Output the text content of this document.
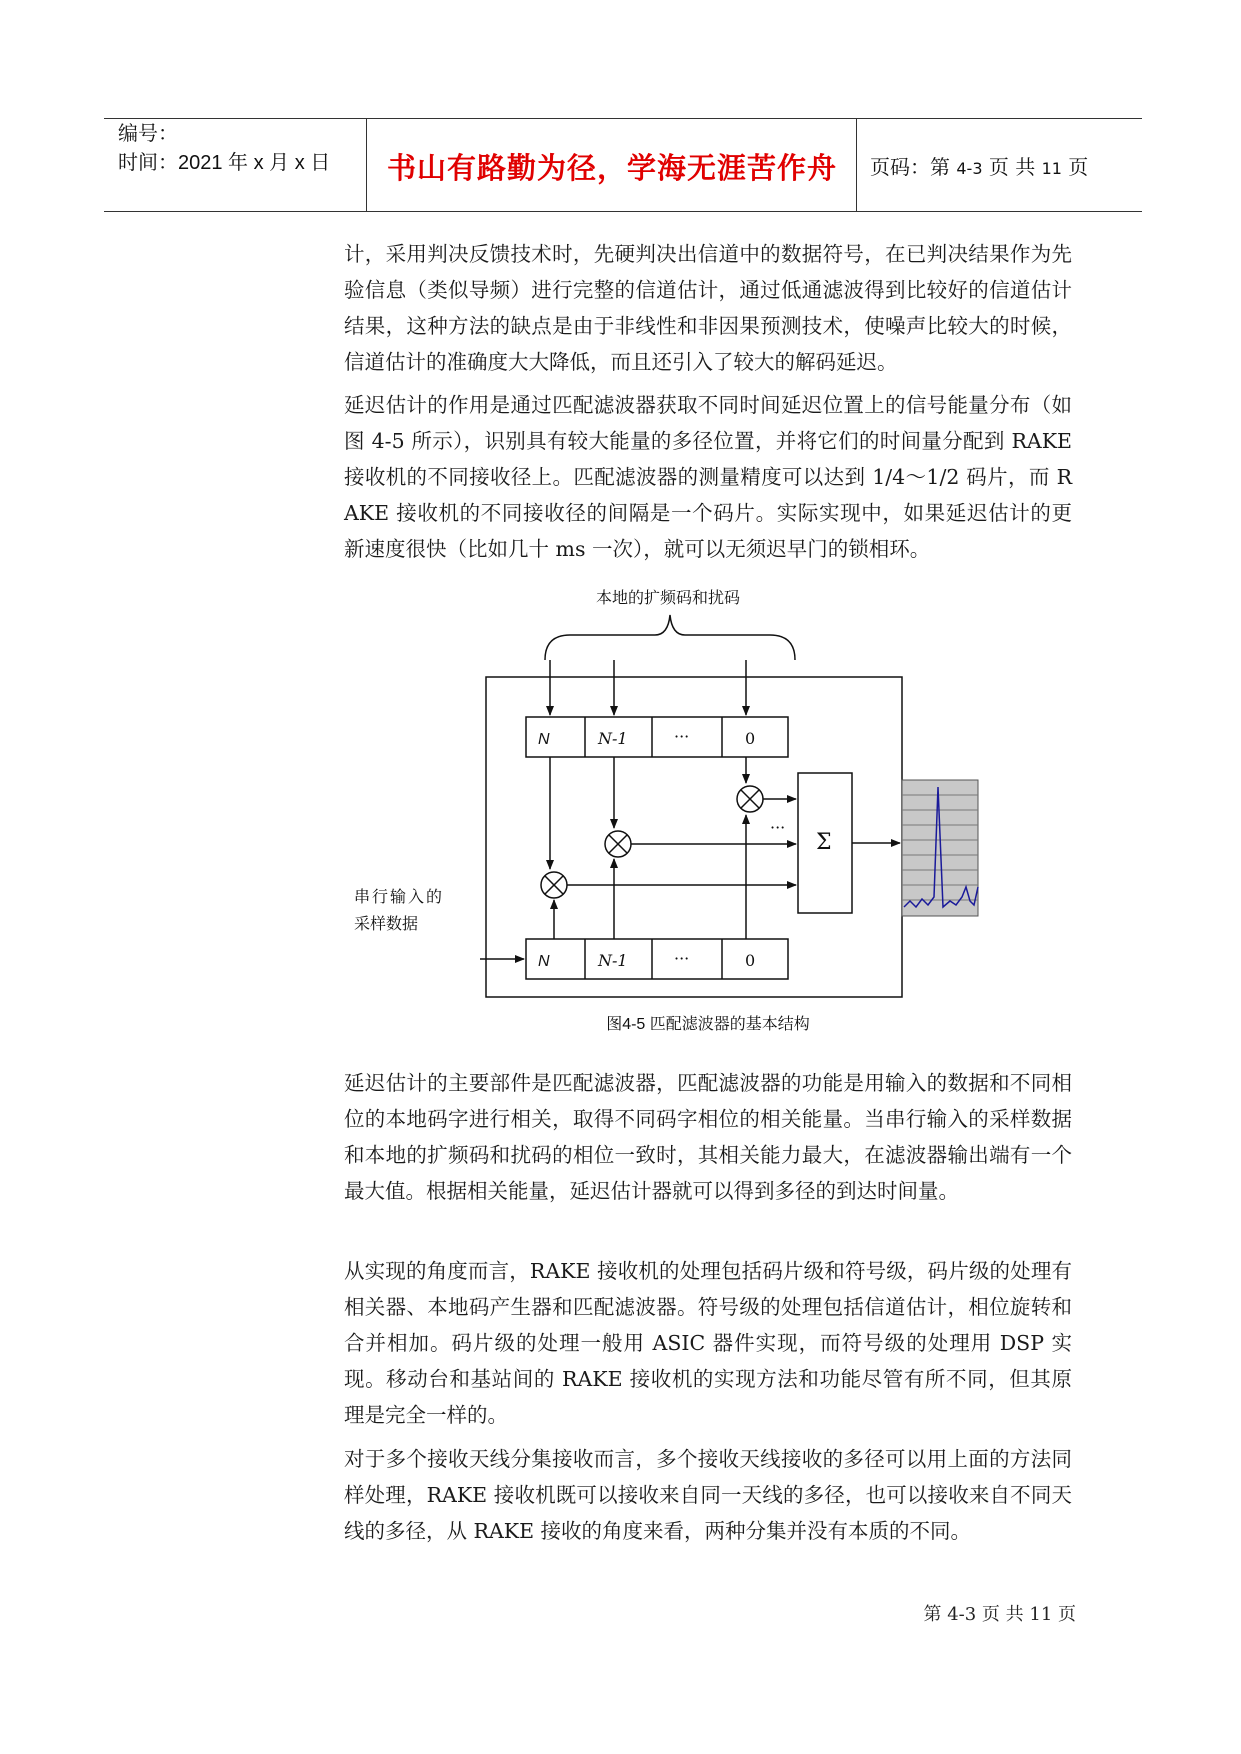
编号：
时间：2021 年 x 月 x 日	书山有路勤为径，学海无涯苦作舟	页码：第 4-3 页 共 11 页

计，采用判决反馈技术时，先硬判决出信道中的数据符号，在已判决结果作为先验信息（类似导频）进行完整的信道估计，通过低通滤波得到比较好的信道估计结果，这种方法的缺点是由于非线性和非因果预测技术，使噪声比较大的时候，信道估计的准确度大大降低，而且还引入了较大的解码延迟。

延迟估计的作用是通过匹配滤波器获取不同时间延迟位置上的信号能量分布（如图 4-5 所示），识别具有较大能量的多径位置，并将它们的时间量分配到 RAKE 接收机的不同接收径上。匹配滤波器的测量精度可以达到 1/4～1/2 码片，而 RAKE 接收机的不同接收径的间隔是一个码片。实际实现中，如果延迟估计的更新速度很快（比如几十 ms 一次），就可以无须迟早门的锁相环。

本地的扩频码和扰码
N	N-1	···	0
N	N-1	···	0
Σ
···
串行输入的
采样数据
图4-5 匹配滤波器的基本结构

延迟估计的主要部件是匹配滤波器，匹配滤波器的功能是用输入的数据和不同相位的本地码字进行相关，取得不同码字相位的相关能量。当串行输入的采样数据和本地的扩频码和扰码的相位一致时，其相关能力最大，在滤波器输出端有一个最大值。根据相关能量，延迟估计器就可以得到多径的到达时间量。

从实现的角度而言，RAKE 接收机的处理包括码片级和符号级，码片级的处理有相关器、本地码产生器和匹配滤波器。符号级的处理包括信道估计，相位旋转和合并相加。码片级的处理一般用 ASIC 器件实现，而符号级的处理用 DSP 实现。移动台和基站间的 RAKE 接收机的实现方法和功能尽管有所不同，但其原理是完全一样的。

对于多个接收天线分集接收而言，多个接收天线接收的多径可以用上面的方法同样处理，RAKE 接收机既可以接收来自同一天线的多径，也可以接收来自不同天线的多径，从 RAKE 接收的角度来看，两种分集并没有本质的不同。

第 4-3 页 共 11 页
